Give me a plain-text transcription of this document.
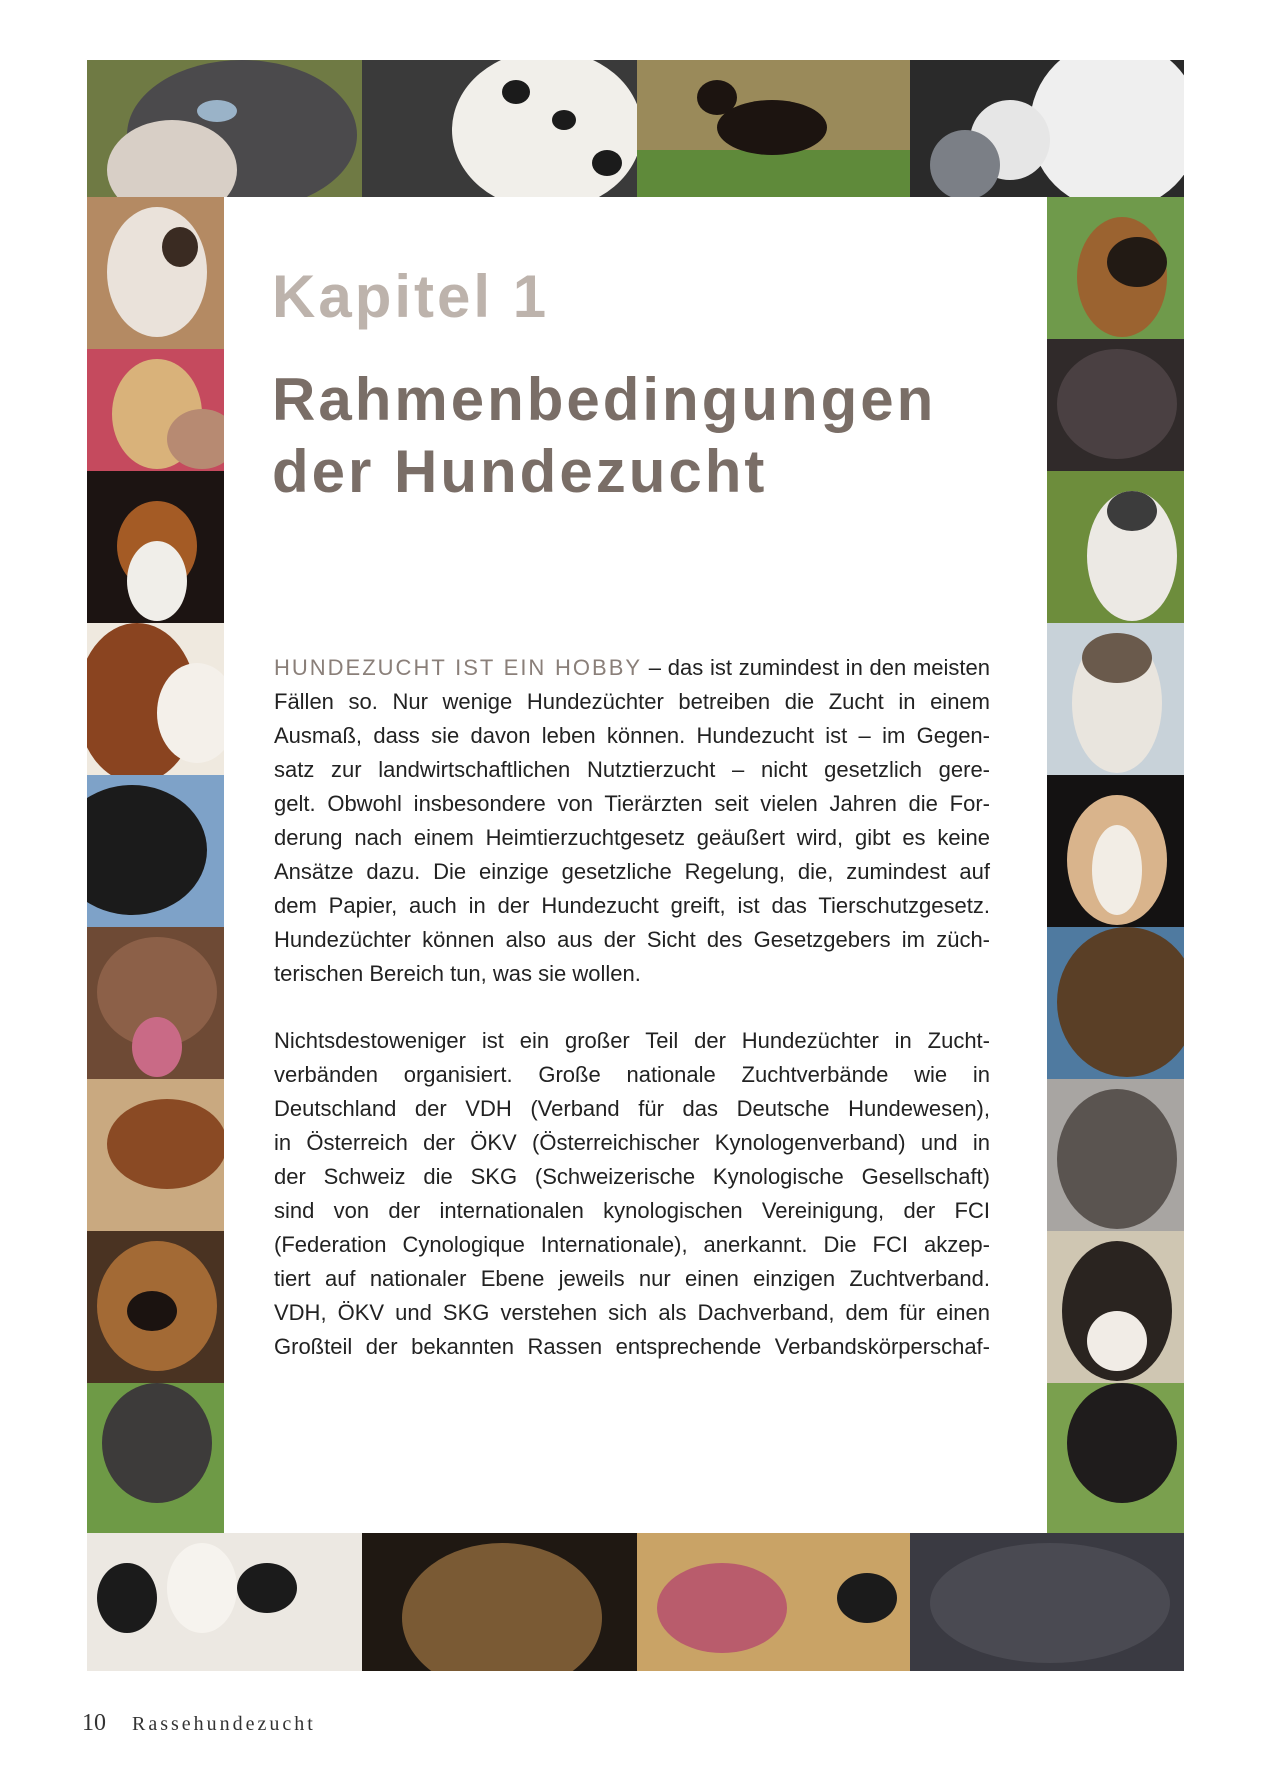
Kapitel 1
Rahmenbedingungen
der Hundezucht
HUNDEZUCHT IST EIN HOBBY – das ist zumindest in den meisten
Fällen so. Nur wenige Hundezüchter betreiben die Zucht in einem
Ausmaß, dass sie davon leben können. Hundezucht ist – im Gegen-
satz zur landwirtschaftlichen Nutztierzucht – nicht gesetzlich gere-
gelt. Obwohl insbesondere von Tierärzten seit vielen Jahren die For-
derung nach einem Heimtierzuchtgesetz geäußert wird, gibt es keine
Ansätze dazu. Die einzige gesetzliche Regelung, die, zumindest auf
dem Papier, auch in der Hundezucht greift, ist das Tierschutzgesetz.
Hundezüchter können also aus der Sicht des Gesetzgebers im züch-
terischen Bereich tun, was sie wollen.
Nichtsdestoweniger ist ein großer Teil der Hundezüchter in Zucht-
verbänden organisiert. Große nationale Zuchtverbände wie in
Deutschland der VDH (Verband für das Deutsche Hundewesen),
in Österreich der ÖKV (Österreichischer Kynologenverband) und in
der Schweiz die SKG (Schweizerische Kynologische Gesellschaft)
sind von der internationalen kynologischen Vereinigung, der FCI
(Federation Cynologique Internationale), anerkannt. Die FCI akzep-
tiert auf nationaler Ebene jeweils nur einen einzigen Zuchtverband.
VDH, ÖKV und SKG verstehen sich als Dachverband, dem für einen
Großteil der bekannten Rassen entsprechende Verbandskörperschaf-
10 Rassehundezucht
